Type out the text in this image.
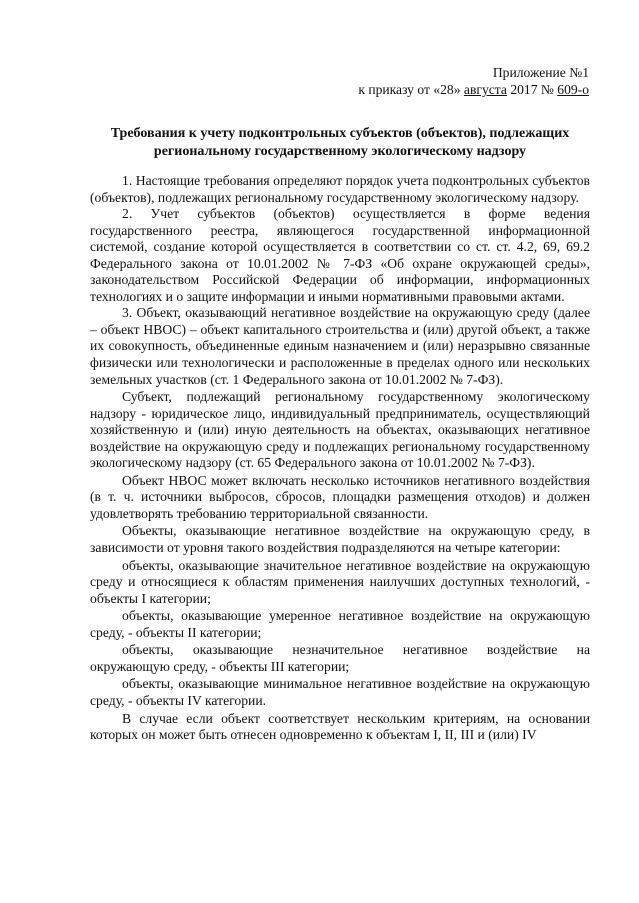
Приложение №1
к приказу от «28» августа 2017 № 609-о
Требования к учету подконтрольных субъектов (объектов), подлежащих
региональному государственному экологическому надзору

1. Настоящие требования определяют порядок учета подконтрольных субъектов (объектов), подлежащих региональному государственному экологическому надзору.

2. Учет субъектов (объектов) осуществляется в форме ведения государственного реестра, являющегося государственной информационной системой, создание которой осуществляется в соответствии со ст. ст. 4.2, 69, 69.2 Федерального закона от 10.01.2002 № 7-ФЗ «Об охране окружающей среды», законодательством Российской Федерации об информации, информационных технологиях и о защите информации и иными нормативными правовыми актами.

3. Объект, оказывающий негативное воздействие на окружающую среду (далее – объект НВОС) – объект капитального строительства и (или) другой объект, а также их совокупность, объединенные единым назначением и (или) неразрывно связанные физически или технологически и расположенные в пределах одного или нескольких земельных участков (ст. 1 Федерального закона от 10.01.2002 № 7-ФЗ).

Субъект, подлежащий региональному государственному экологическому надзору - юридическое лицо, индивидуальный предприниматель, осуществляющий хозяйственную и (или) иную деятельность на объектах, оказывающих негативное воздействие на окружающую среду и подлежащих региональному государственному экологическому надзору (ст. 65 Федерального закона от 10.01.2002 № 7-ФЗ).

Объект НВОС может включать несколько источников негативного воздействия (в т. ч. источники выбросов, сбросов, площадки размещения отходов) и должен удовлетворять требованию территориальной связанности.

Объекты, оказывающие негативное воздействие на окружающую среду, в зависимости от уровня такого воздействия подразделяются на четыре категории:

объекты, оказывающие значительное негативное воздействие на окружающую среду и относящиеся к областям применения наилучших доступных технологий, - объекты I категории;

объекты, оказывающие умеренное негативное воздействие на окружающую среду, - объекты II категории;

объекты, оказывающие незначительное негативное воздействие на окружающую среду, - объекты III категории;

объекты, оказывающие минимальное негативное воздействие на окружающую среду, - объекты IV категории.

В случае если объект соответствует нескольким критериям, на основании которых он может быть отнесен одновременно к объектам I, II, III и (или) IV
